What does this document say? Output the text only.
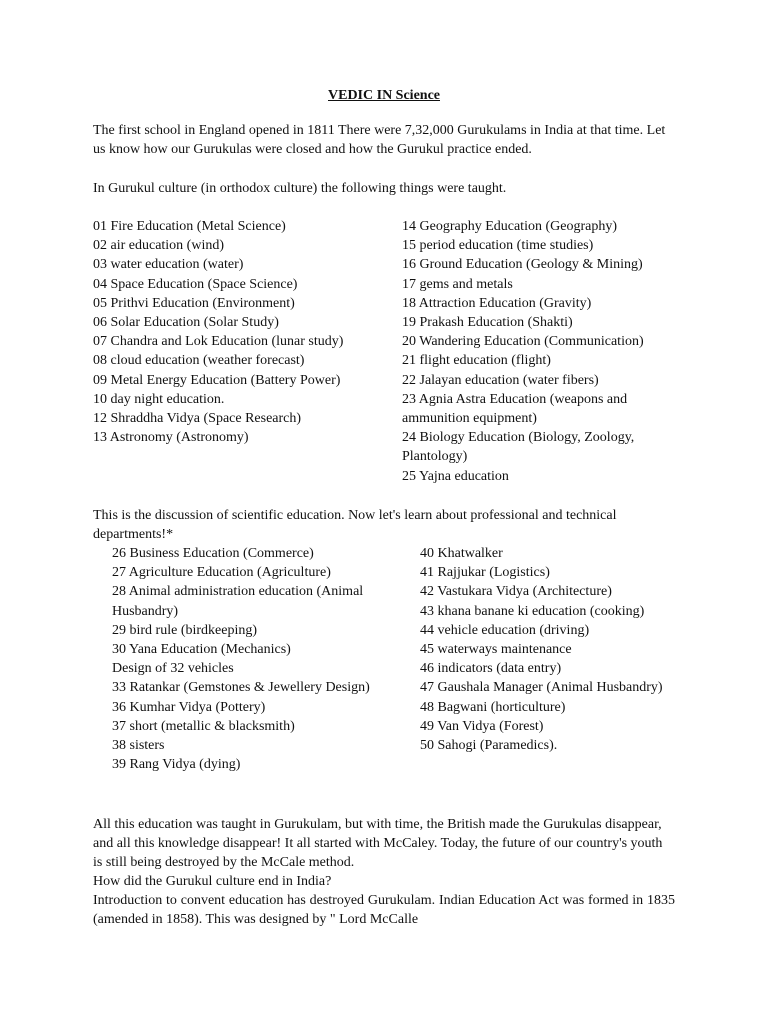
VEDIC IN Science

The first school in England opened in 1811 There were 7,32,000 Gurukulams in India at that time. Let us know how our Gurukulas were closed and how the Gurukul practice ended.

In Gurukul culture (in orthodox culture) the following things were taught.

01 Fire Education (Metal Science)
02 air education (wind)
03 water education (water)
04 Space Education (Space Science)
05 Prithvi Education (Environment)
06 Solar Education (Solar Study)
07 Chandra and Lok Education (lunar study)
08 cloud education (weather forecast)
09 Metal Energy Education (Battery Power)
10 day night education.
12 Shraddha Vidya (Space Research)
13 Astronomy (Astronomy)
14 Geography Education (Geography)
15 period education (time studies)
16 Ground Education (Geology & Mining)
17 gems and metals
18 Attraction Education (Gravity)
19 Prakash Education (Shakti)
20 Wandering Education (Communication)
21 flight education (flight)
22 Jalayan education (water fibers)
23 Agnia Astra Education (weapons and ammunition equipment)
24 Biology Education (Biology, Zoology, Plantology)
25 Yajna education

This is the discussion of scientific education. Now let's learn about professional and technical departments!*

26 Business Education (Commerce)
27 Agriculture Education (Agriculture)
28 Animal administration education (Animal Husbandry)
29 bird rule (birdkeeping)
30 Yana Education (Mechanics)
Design of 32 vehicles
33 Ratankar (Gemstones & Jewellery Design)
36 Kumhar Vidya (Pottery)
37 short (metallic & blacksmith)
38 sisters
39 Rang Vidya (dying)
40 Khatwalker
41 Rajjukar (Logistics)
42 Vastukara Vidya (Architecture)
43 khana banane ki education (cooking)
44 vehicle education (driving)
45 waterways maintenance
46 indicators (data entry)
47 Gaushala Manager (Animal Husbandry)
48 Bagwani (horticulture)
49 Van Vidya (Forest)
50 Sahogi (Paramedics).

All this education was taught in Gurukulam, but with time, the British made the Gurukulas disappear, and all this knowledge disappear! It all started with McCaley. Today, the future of our country's youth is still being destroyed by the McCale method.

How did the Gurukul culture end in India?

Introduction to convent education has destroyed Gurukulam. Indian Education Act was formed in 1835 (amended in 1858). This was designed by " Lord McCalle
